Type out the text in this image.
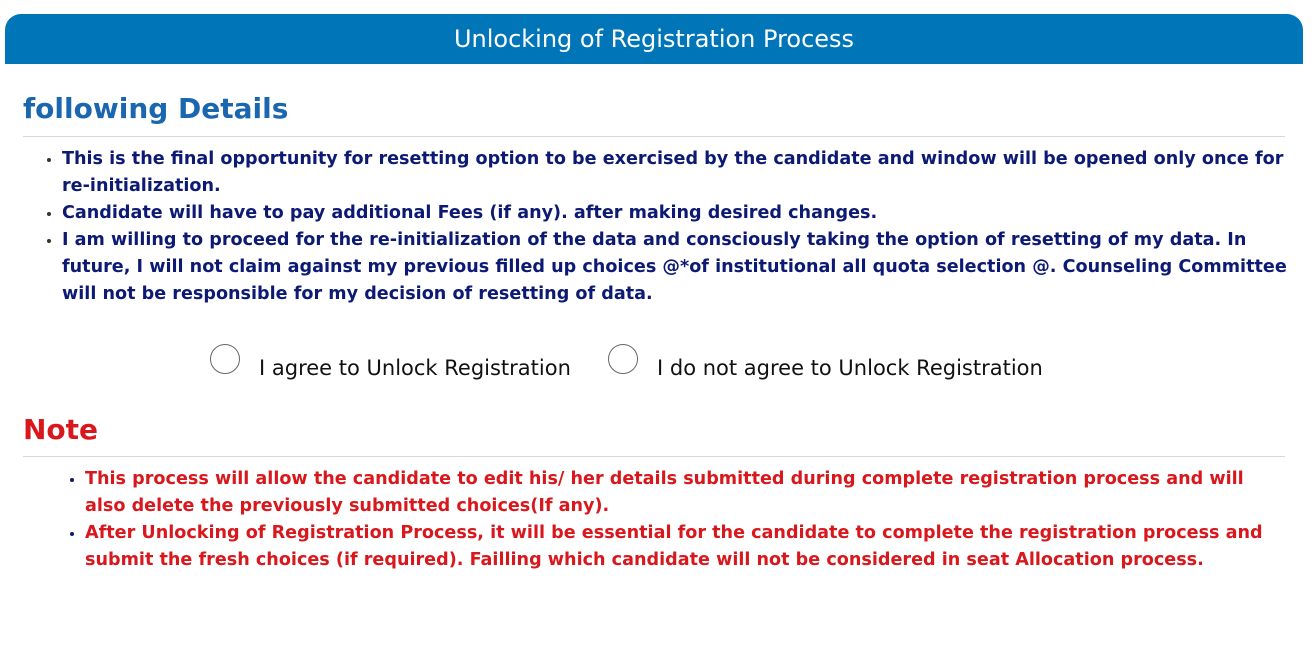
Unlocking of Registration Process
following Details
• This is the final opportunity for resetting option to be exercised by the candidate and window will be opened only once for re-initialization.
• Candidate will have to pay additional Fees (if any). after making desired changes.
• I am willing to proceed for the re-initialization of the data and consciously taking the option of resetting of my data. In future, I will not claim against my previous filled up choices @*of institutional all quota selection @. Counseling Committee will not be responsible for my decision of resetting of data.
I agree to Unlock Registration	I do not agree to Unlock Registration
Note
• This process will allow the candidate to edit his/ her details submitted during complete registration process and will also delete the previously submitted choices(If any).
• After Unlocking of Registration Process, it will be essential for the candidate to complete the registration process and submit the fresh choices (if required). Failling which candidate will not be considered in seat Allocation process.
